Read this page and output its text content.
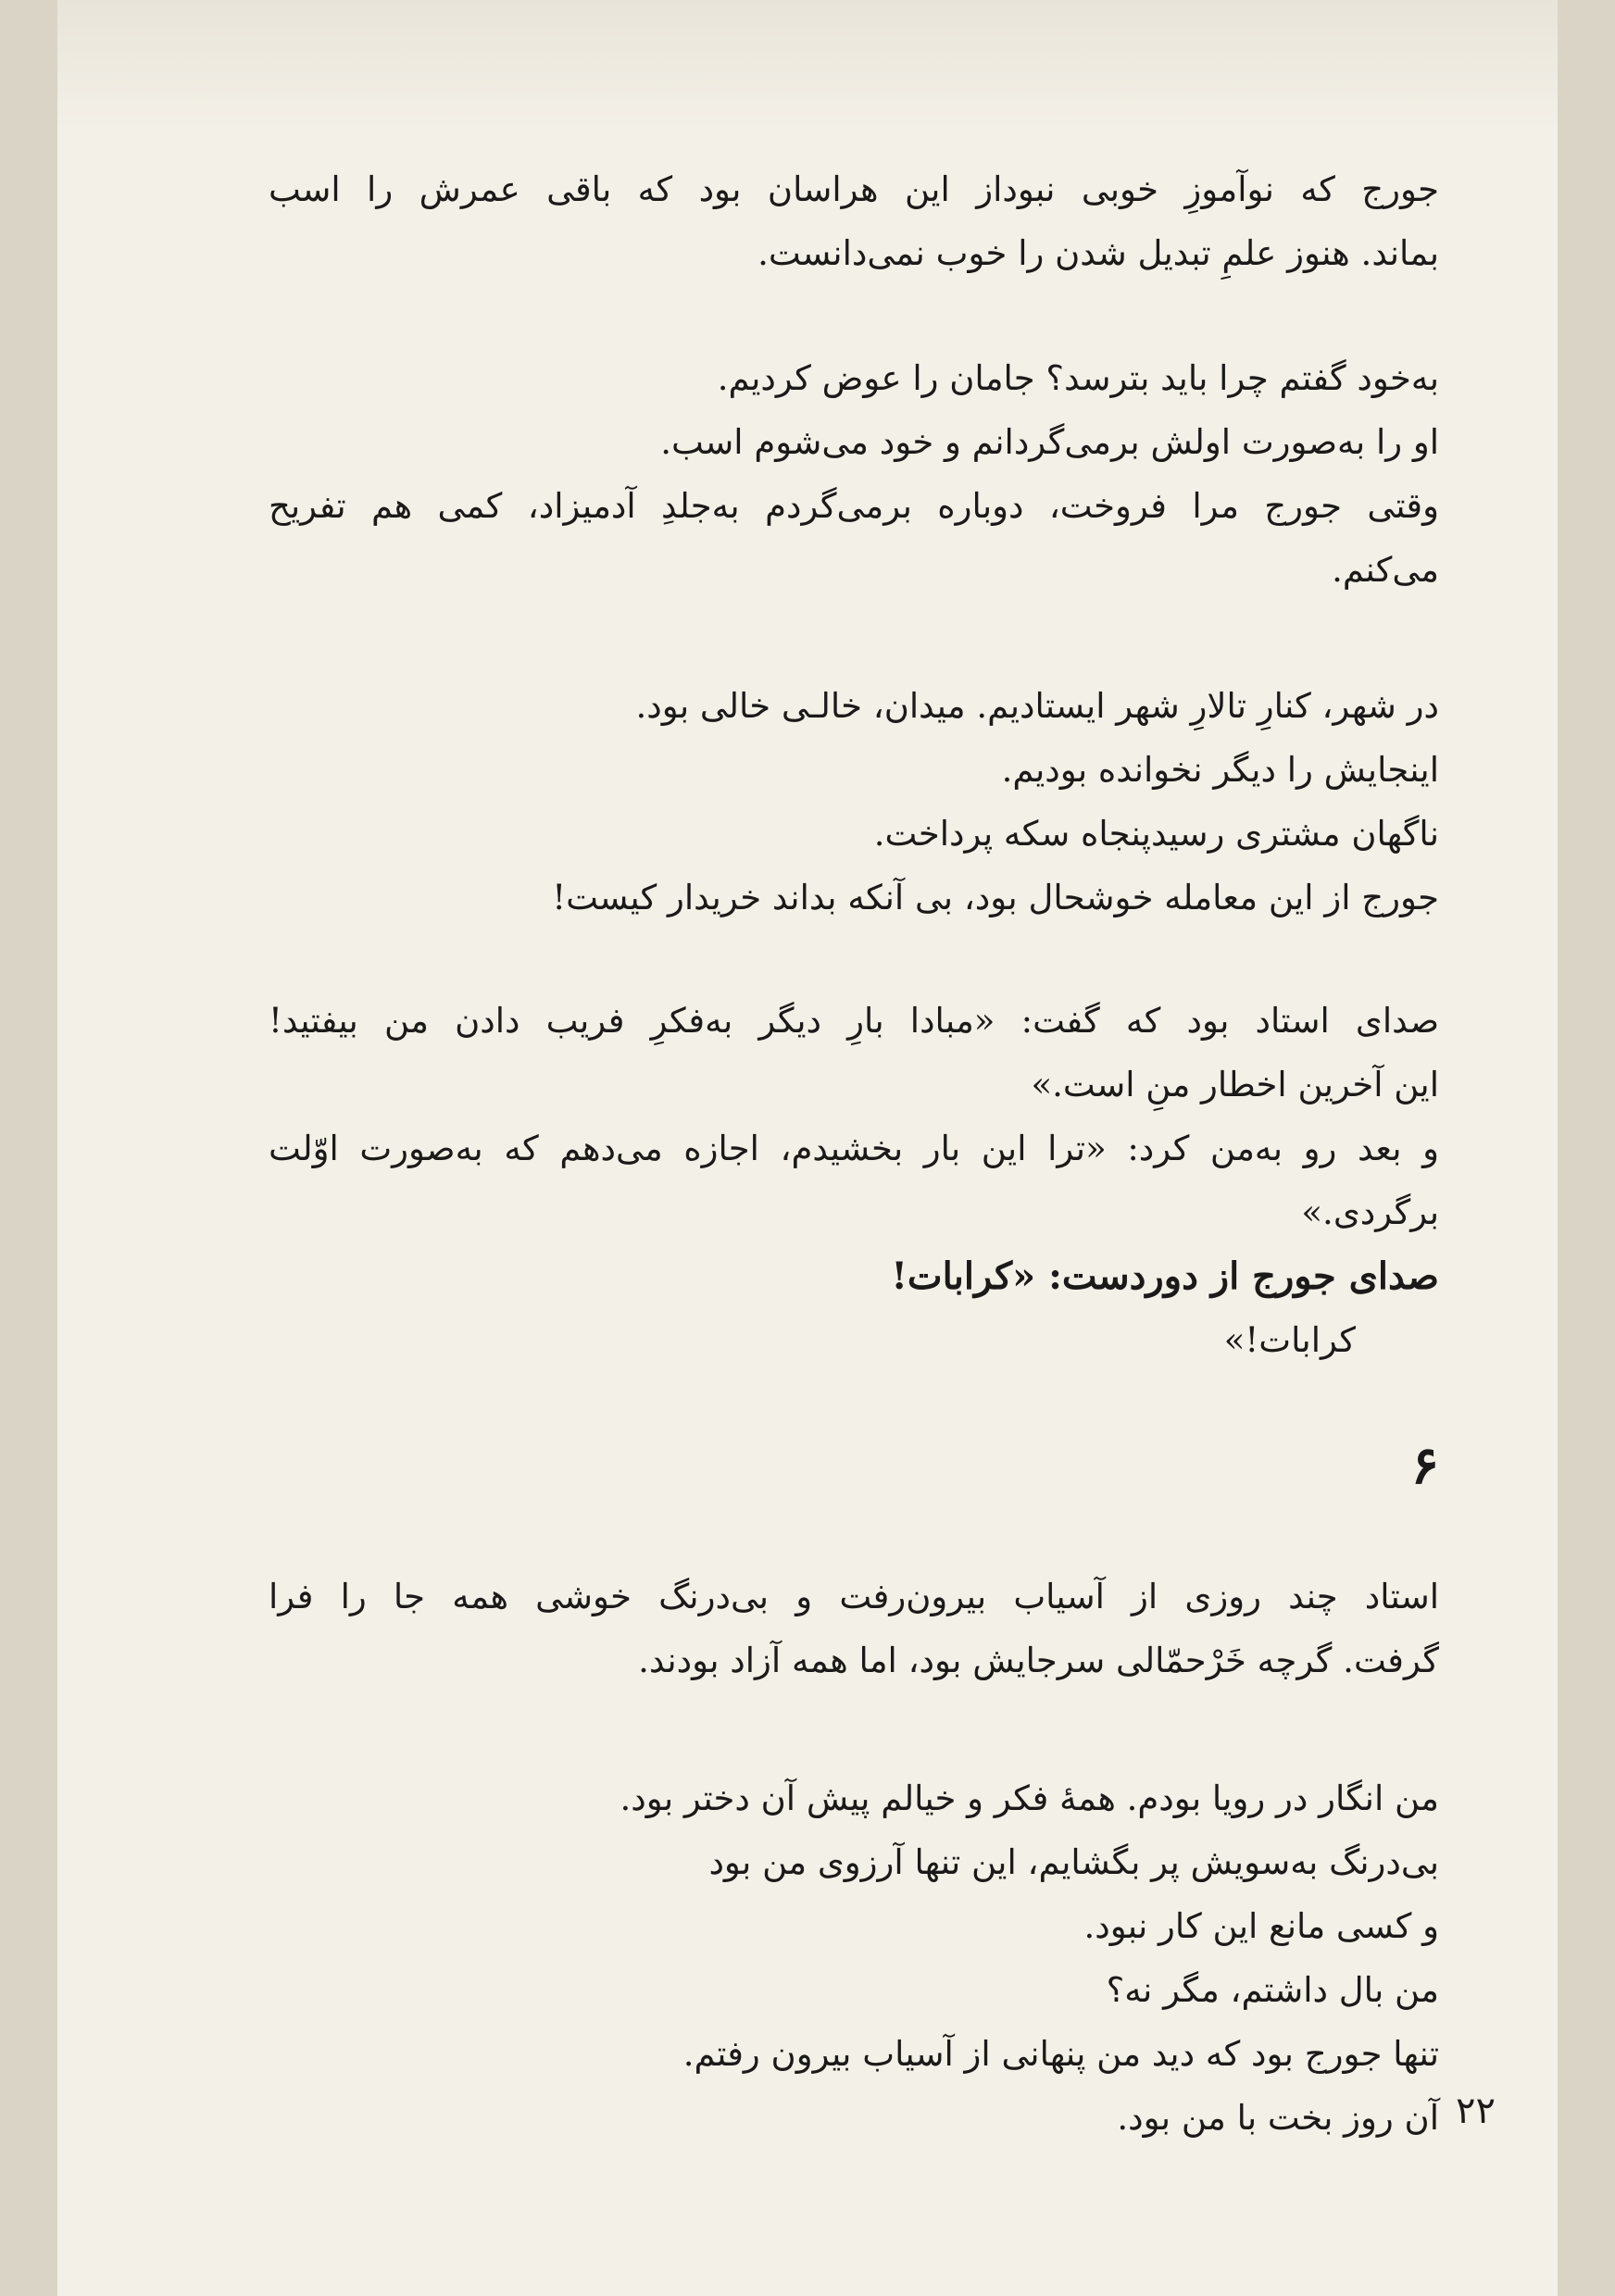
جورج که نوآموزِ خوبی نبوداز این هراسان بود که باقی عمرش را اسب

بماند. هنوز علمِ تبدیل شدن را خوب نمی‌دانست.

به‌خود گفتم چرا باید بترسد؟ جامان را عوض کردیم.

او را به‌صورت اولش برمی‌گردانم و خود می‌شوم اسب.

وقتی جورج مرا فروخت، دوباره برمی‌گردم به‌جلدِ آدمیزاد، کمی هم تفریح

می‌کنم.

در شهر، کنارِ تالارِ شهر ایستادیم. میدان، خالـی خالی بود.

اینجایش را دیگر نخوانده بودیم.

ناگهان مشتری رسیدپنجاه سکه پرداخت.

جورج از این معامله خوشحال بود، بی آنکه بداند خریدار کیست!

صدای استاد بود که گفت: «مبادا بارِ دیگر به‌فکرِ فریب دادن من بیفتید!

این آخرین اخطار منِ است.»

و بعد رو به‌من کرد: «ترا این بار بخشیدم، اجازه می‌دهم که به‌صورت اوّلت

برگردی.»

صدای جورج از دوردست: «کرابات!

کرابات!»

۶

استاد چند روزی از آسیاب بیرون‌رفت و بی‌درنگ خوشی همه جا را فرا

گرفت. گرچه خَرْحمّالی سرجایش بود، اما همه آزاد بودند.

من انگار در رویا بودم. همهٔ فکر و خیالم پیش آن دختر بود.

بی‌درنگ به‌سویش پر بگشایم، این تنها آرزوی من بود

و کسی مانع این کار نبود.

من بال داشتم، مگر نه؟

تنها جورج بود که دید من پنهانی از آسیاب بیرون رفتم.

آن روز بخت با من بود. ۲۲
